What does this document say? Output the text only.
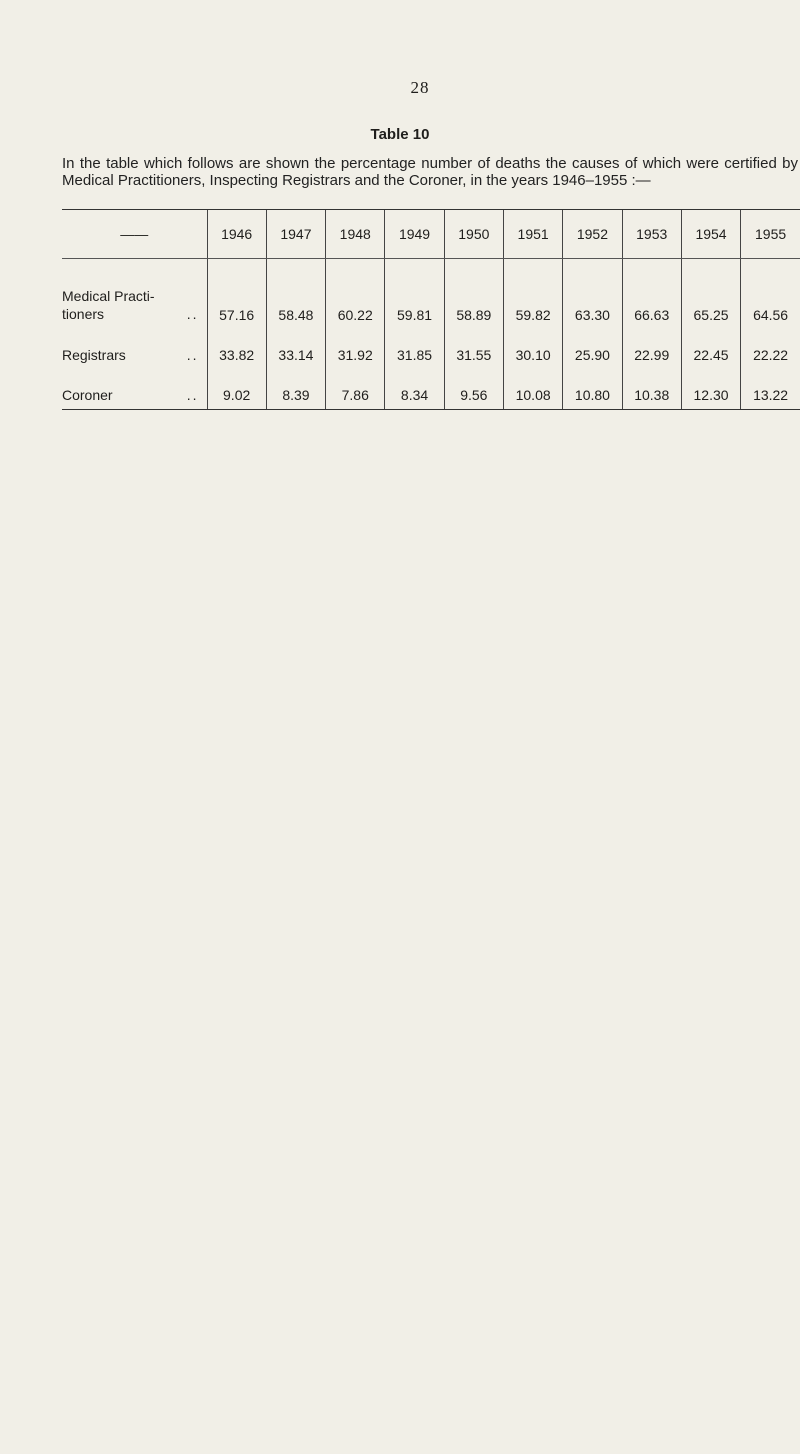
28
Table 10
In the table which follows are shown the percentage number of deaths the causes of which were certified by Medical Practitioners, Inspecting Registrars and the Coroner, in the years 1946–1955 :—
——	1946	1947	1948	1949	1950	1951	1952	1953	1954	1955

Medical Practi-
tioners ..	57.16	58.48	60.22	59.81	58.89	59.82	63.30	66.63	65.25	64.56
Registrars ..	33.82	33.14	31.92	31.85	31.55	30.10	25.90	22.99	22.45	22.22
Coroner ..	9.02	8.39	7.86	8.34	9.56	10.08	10.80	10.38	12.30	13.22
